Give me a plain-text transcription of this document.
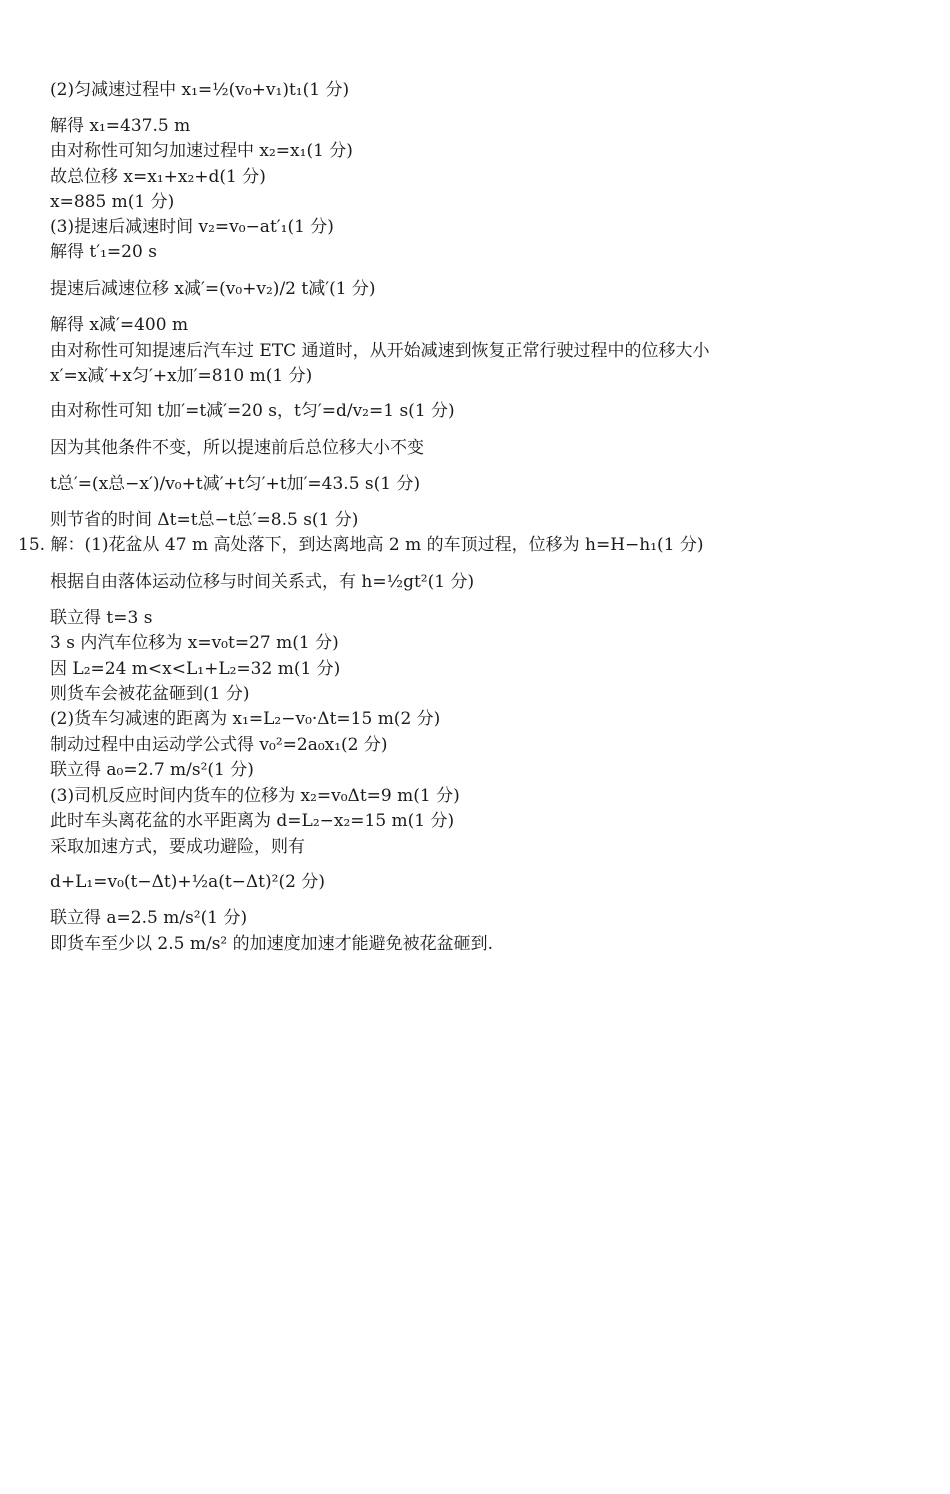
(2)匀减速过程中 x₁=½(v₀+v₁)t₁(1 分)
解得 x₁=437.5 m
由对称性可知匀加速过程中 x₂=x₁(1 分)
故总位移 x=x₁+x₂+d(1 分)
x=885 m(1 分)
(3)提速后减速时间 v₂=v₀−at′₁(1 分)
解得 t′₁=20 s
提速后减速位移 x减′=(v₀+v₂)/2 t减′(1 分)
解得 x减′=400 m
由对称性可知提速后汽车过 ETC 通道时，从开始减速到恢复正常行驶过程中的位移大小
x′=x减′+x匀′+x加′=810 m(1 分)
由对称性可知 t加′=t减′=20 s，t匀′=d/v₂=1 s(1 分)
因为其他条件不变，所以提速前后总位移大小不变
t总′=(x总−x′)/v₀+t减′+t匀′+t加′=43.5 s(1 分)
则节省的时间 Δt=t总−t总′=8.5 s(1 分)
15. 解：(1)花盆从 47 m 高处落下，到达离地高 2 m 的车顶过程，位移为 h=H−h₁(1 分)
根据自由落体运动位移与时间关系式，有 h=½gt²(1 分)
联立得 t=3 s
3 s 内汽车位移为 x=v₀t=27 m(1 分)
因 L₂=24 m<x<L₁+L₂=32 m(1 分)
则货车会被花盆砸到(1 分)
(2)货车匀减速的距离为 x₁=L₂−v₀·Δt=15 m(2 分)
制动过程中由运动学公式得 v₀²=2a₀x₁(2 分)
联立得 a₀=2.7 m/s²(1 分)
(3)司机反应时间内货车的位移为 x₂=v₀Δt=9 m(1 分)
此时车头离花盆的水平距离为 d=L₂−x₂=15 m(1 分)
采取加速方式，要成功避险，则有
d+L₁=v₀(t−Δt)+½a(t−Δt)²(2 分)
联立得 a=2.5 m/s²(1 分)
即货车至少以 2.5 m/s² 的加速度加速才能避免被花盆砸到.
